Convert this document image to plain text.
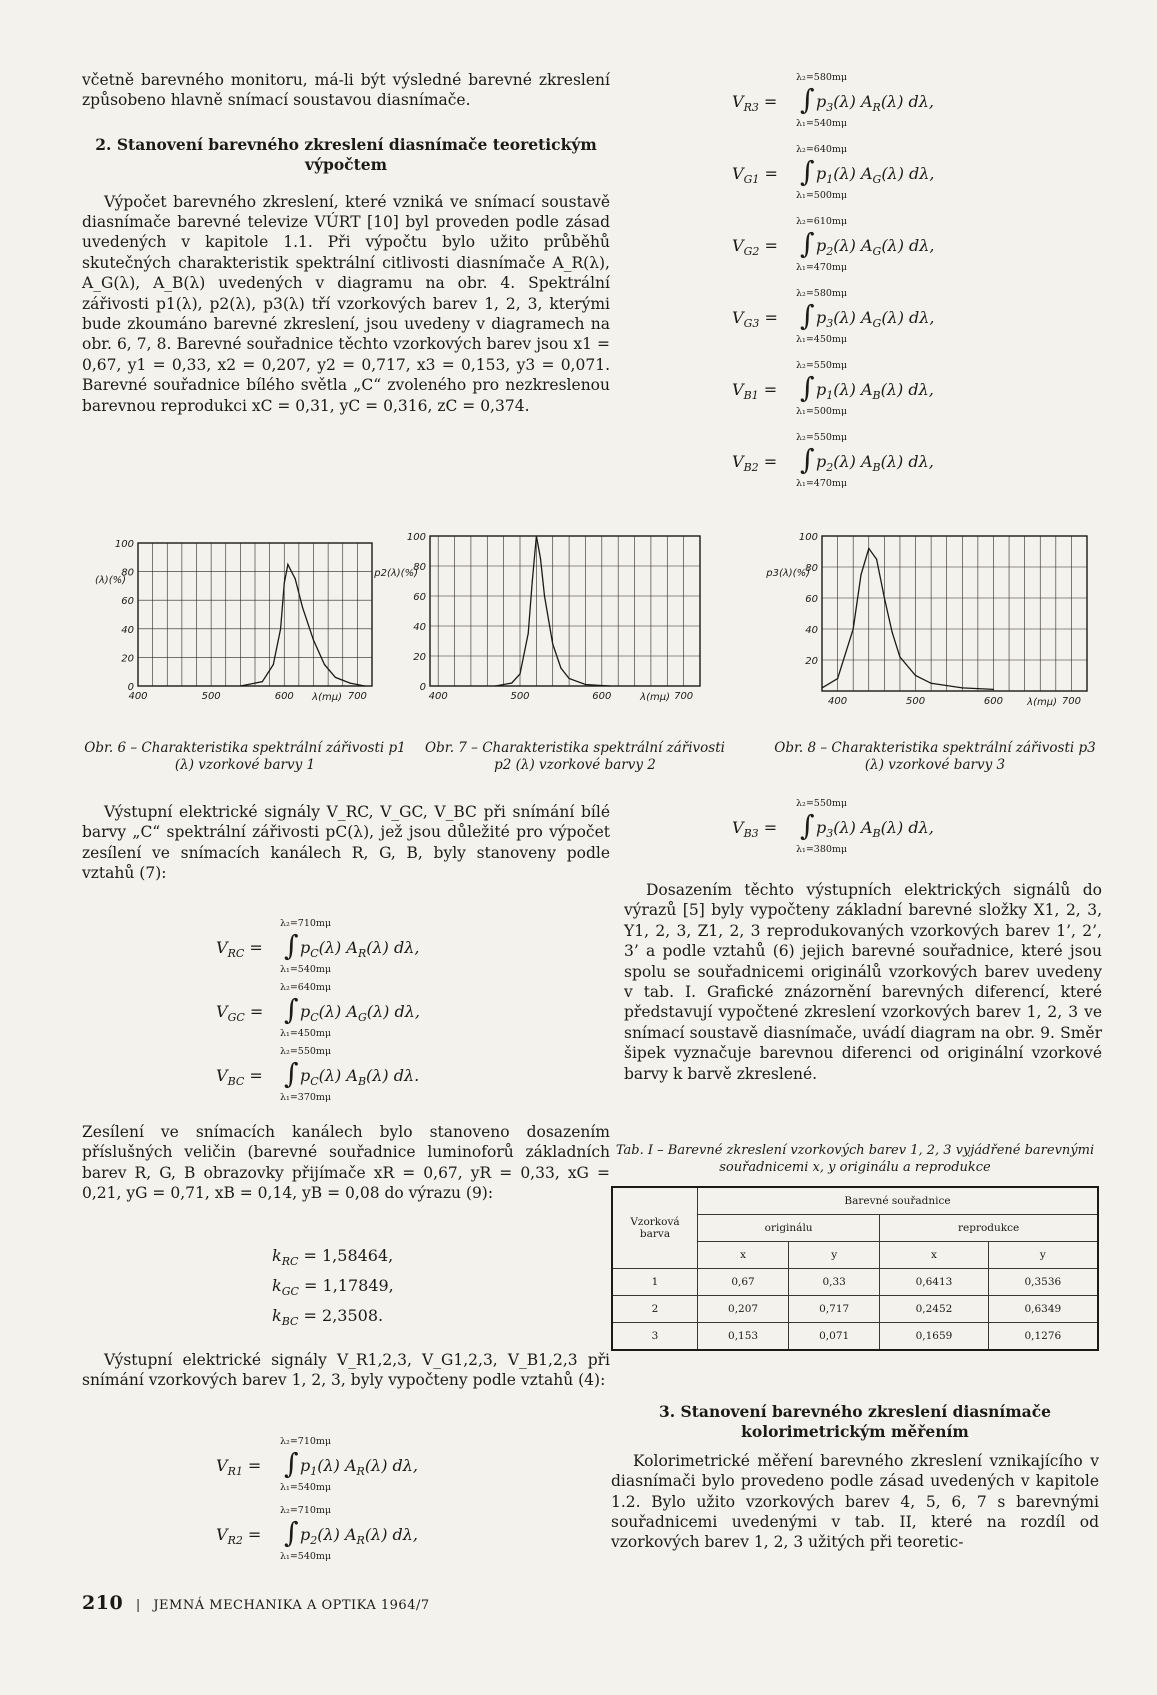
včetně barevného monitoru, má-li být výsledné barevné zkreslení způsobeno hlavně snímací soustavou diasnímače.

2. Stanovení barevného zkreslení diasnímače teoretickým výpočtem

Výpočet barevného zkreslení, které vzniká ve snímací soustavě diasnímače barevné televize VÚRT [10] byl proveden podle zásad uvedených v kapitole 1.1. Při výpočtu bylo užito průběhů skutečných charakteristik spektrální citlivosti diasnímače A_R(λ), A_G(λ), A_B(λ) uvedených v diagramu na obr. 4. Spektrální zářivosti p1(λ), p2(λ), p3(λ) tří vzorkových barev 1, 2, 3, kterými bude zkoumáno barevné zkreslení, jsou uvedeny v diagramech na obr. 6, 7, 8. Barevné souřadnice těchto vzorkových barev jsou x1 = 0,67, y1 = 0,33, x2 = 0,207, y2 = 0,717, x3 = 0,153, y3 = 0,071. Barevné souřadnice bílého světla „C“ zvoleného pro nezkreslenou barevnou reprodukci xC = 0,31, yC = 0,316, zC = 0,374.

0
20
40
60
80
100
400	500	600	700
λ(mμ)
(λ)(%)
0
20
40
60
80
100
400	500	600	700
λ(mμ)
p2(λ)(%)
20
40
60
80
100
400	500	600	700
λ(mμ)
p3(λ)(%)
Obr. 6 – Charakteristika spektrální zářivosti p1 (λ) vzorkové barvy 1
Obr. 7 – Charakteristika spektrální zářivosti p2 (λ) vzorkové barvy 2
Obr. 8 – Charakteristika spektrální zářivosti p3 (λ) vzorkové barvy 3

Výstupní elektrické signály V_RC, V_GC, V_BC při snímání bílé barvy „C“ spektrální zářivosti pC(λ), jež jsou důležité pro výpočet zesílení ve snímacích kanálech R, G, B, byly stanoveny podle vztahů (7):

Zesílení ve snímacích kanálech bylo stanoveno dosazením příslušných veličin (barevné souřadnice luminoforů základních barev R, G, B obrazovky přijímače xR = 0,67, yR = 0,33, xG = 0,21, yG = 0,71, xB = 0,14, yB = 0,08 do výrazu (9):

$k_{RC} = 1,58464$,
$k_{GC} = 1,17849$,
$k_{BC} = 2,3508$.

Výstupní elektrické signály V_R1,2,3, V_G1,2,3, V_B1,2,3 při snímání vzorkových barev 1, 2, 3, byly vypočteny podle vztahů (4):

Dosazením těchto výstupních elektrických signálů do výrazů [5] byly vypočteny základní barevné složky X1, 2, 3, Y1, 2, 3, Z1, 2, 3 reprodukovaných vzorkových barev 1’, 2’, 3’ a podle vztahů (6) jejich barevné souřadnice, které jsou spolu se souřadnicemi originálů vzorkových barev uvedeny v tab. I. Grafické znázornění barevných diferencí, které představují vypočtené zkreslení vzorkových barev 1, 2, 3 ve snímací soustavě diasnímače, uvádí diagram na obr. 9. Směr šipek vyznačuje barevnou diferenci od originální vzorkové barvy k barvě zkreslené.

Tab. I – Barevné zkreslení vzorkových barev 1, 2, 3 vyjádřené barevnými souřadnicemi x, y originálu a reprodukce
Vzorková barva	Barevné souřadnice			
	originálu		reprodukce	
	x	y	x	y
1	0,67	0,33	0,6413	0,3536
2	0,207	0,717	0,2452	0,6349
3	0,153	0,071	0,1659	0,1276
3. Stanovení barevného zkreslení diasnímače kolorimetrickým měřením

Kolorimetrické měření barevného zkreslení vznikajícího v diasnímači bylo provedeno podle zásad uvedených v kapitole 1.2. Bylo užito vzorkových barev 4, 5, 6, 7 s barevnými souřadnicemi uvedenými v tab. II, které na rozdíl od vzorkových barev 1, 2, 3 užitých při teoretic-

210 | JEMNÁ MECHANIKA A OPTIKA 1964/7
λ₂=580mμ
$V_{R3}$ = ∫ $p_3(\lambda)$ $A_R(\lambda)$ dλ,
λ₁=540mμ
λ₂=640mμ
$V_{G1}$ = ∫ $p_1(\lambda)$ $A_G(\lambda)$ dλ,
λ₁=500mμ
λ₂=610mμ
$V_{G2}$ = ∫ $p_2(\lambda)$ $A_G(\lambda)$ dλ,
λ₁=470mμ
λ₂=580mμ
$V_{G3}$ = ∫ $p_3(\lambda)$ $A_G(\lambda)$ dλ,
λ₁=450mμ
λ₂=550mμ
$V_{B1}$ = ∫ $p_1(\lambda)$ $A_B(\lambda)$ dλ,
λ₁=500mμ
λ₂=550mμ
$V_{B2}$ = ∫ $p_2(\lambda)$ $A_B(\lambda)$ dλ,
λ₁=470mμ
λ₂=550mμ
$V_{B3}$ = ∫ $p_3(\lambda)$ $A_B(\lambda)$ dλ,
λ₁=380mμ
λ₂=710mμ
$V_{RC}$ = ∫ $p_C(\lambda)$ $A_R(\lambda)$ dλ,
λ₁=540mμ
λ₂=640mμ
$V_{GC}$ = ∫ $p_C(\lambda)$ $A_G(\lambda)$ dλ,
λ₁=450mμ
λ₂=550mμ
$V_{BC}$ = ∫ $p_C(\lambda)$ $A_B(\lambda)$ dλ.
λ₁=370mμ
λ₂=710mμ
$V_{R1}$ = ∫ $p_1(\lambda)$ $A_R(\lambda)$ dλ,
λ₁=540mμ
λ₂=710mμ
$V_{R2}$ = ∫ $p_2(\lambda)$ $A_R(\lambda)$ dλ,
λ₁=540mμ
